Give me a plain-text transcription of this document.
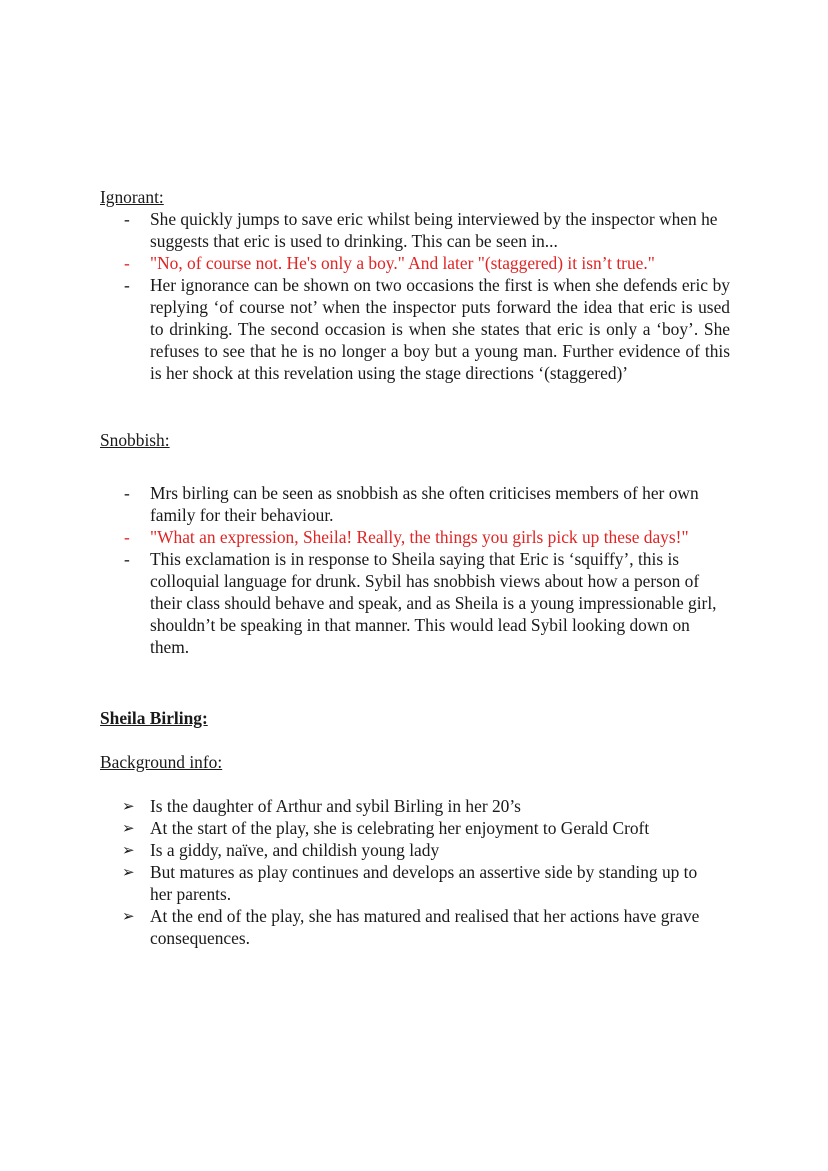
Ignorant:

- She quickly jumps to save eric whilst being interviewed by the inspector when he suggests that eric is used to drinking. This can be seen in...
- "No, of course not. He's only a boy." And later "(staggered) it isn’t true."
- Her ignorance can be shown on two occasions the first is when she defends eric by replying ‘of course not’ when the inspector puts forward the idea that eric is used to drinking. The second occasion is when she states that eric is only a ‘boy’. She refuses to see that he is no longer a boy but a young man. Further evidence of this is her shock at this revelation using the stage directions ‘(staggered)’

Snobbish:

- Mrs birling can be seen as snobbish as she often criticises members of her own family for their behaviour.
- "What an expression, Sheila! Really, the things you girls pick up these days!"
- This exclamation is in response to Sheila saying that Eric is ‘squiffy’, this is colloquial language for drunk. Sybil has snobbish views about how a person of their class should behave and speak, and as Sheila is a young impressionable girl, shouldn’t be speaking in that manner. This would lead Sybil looking down on them.

Sheila Birling:

Background info:

➢ Is the daughter of Arthur and sybil Birling in her 20’s
➢ At the start of the play, she is celebrating her enjoyment to Gerald Croft
➢ Is a giddy, naïve, and childish young lady
➢ But matures as play continues and develops an assertive side by standing up to her parents.
➢ At the end of the play, she has matured and realised that her actions have grave consequences.
